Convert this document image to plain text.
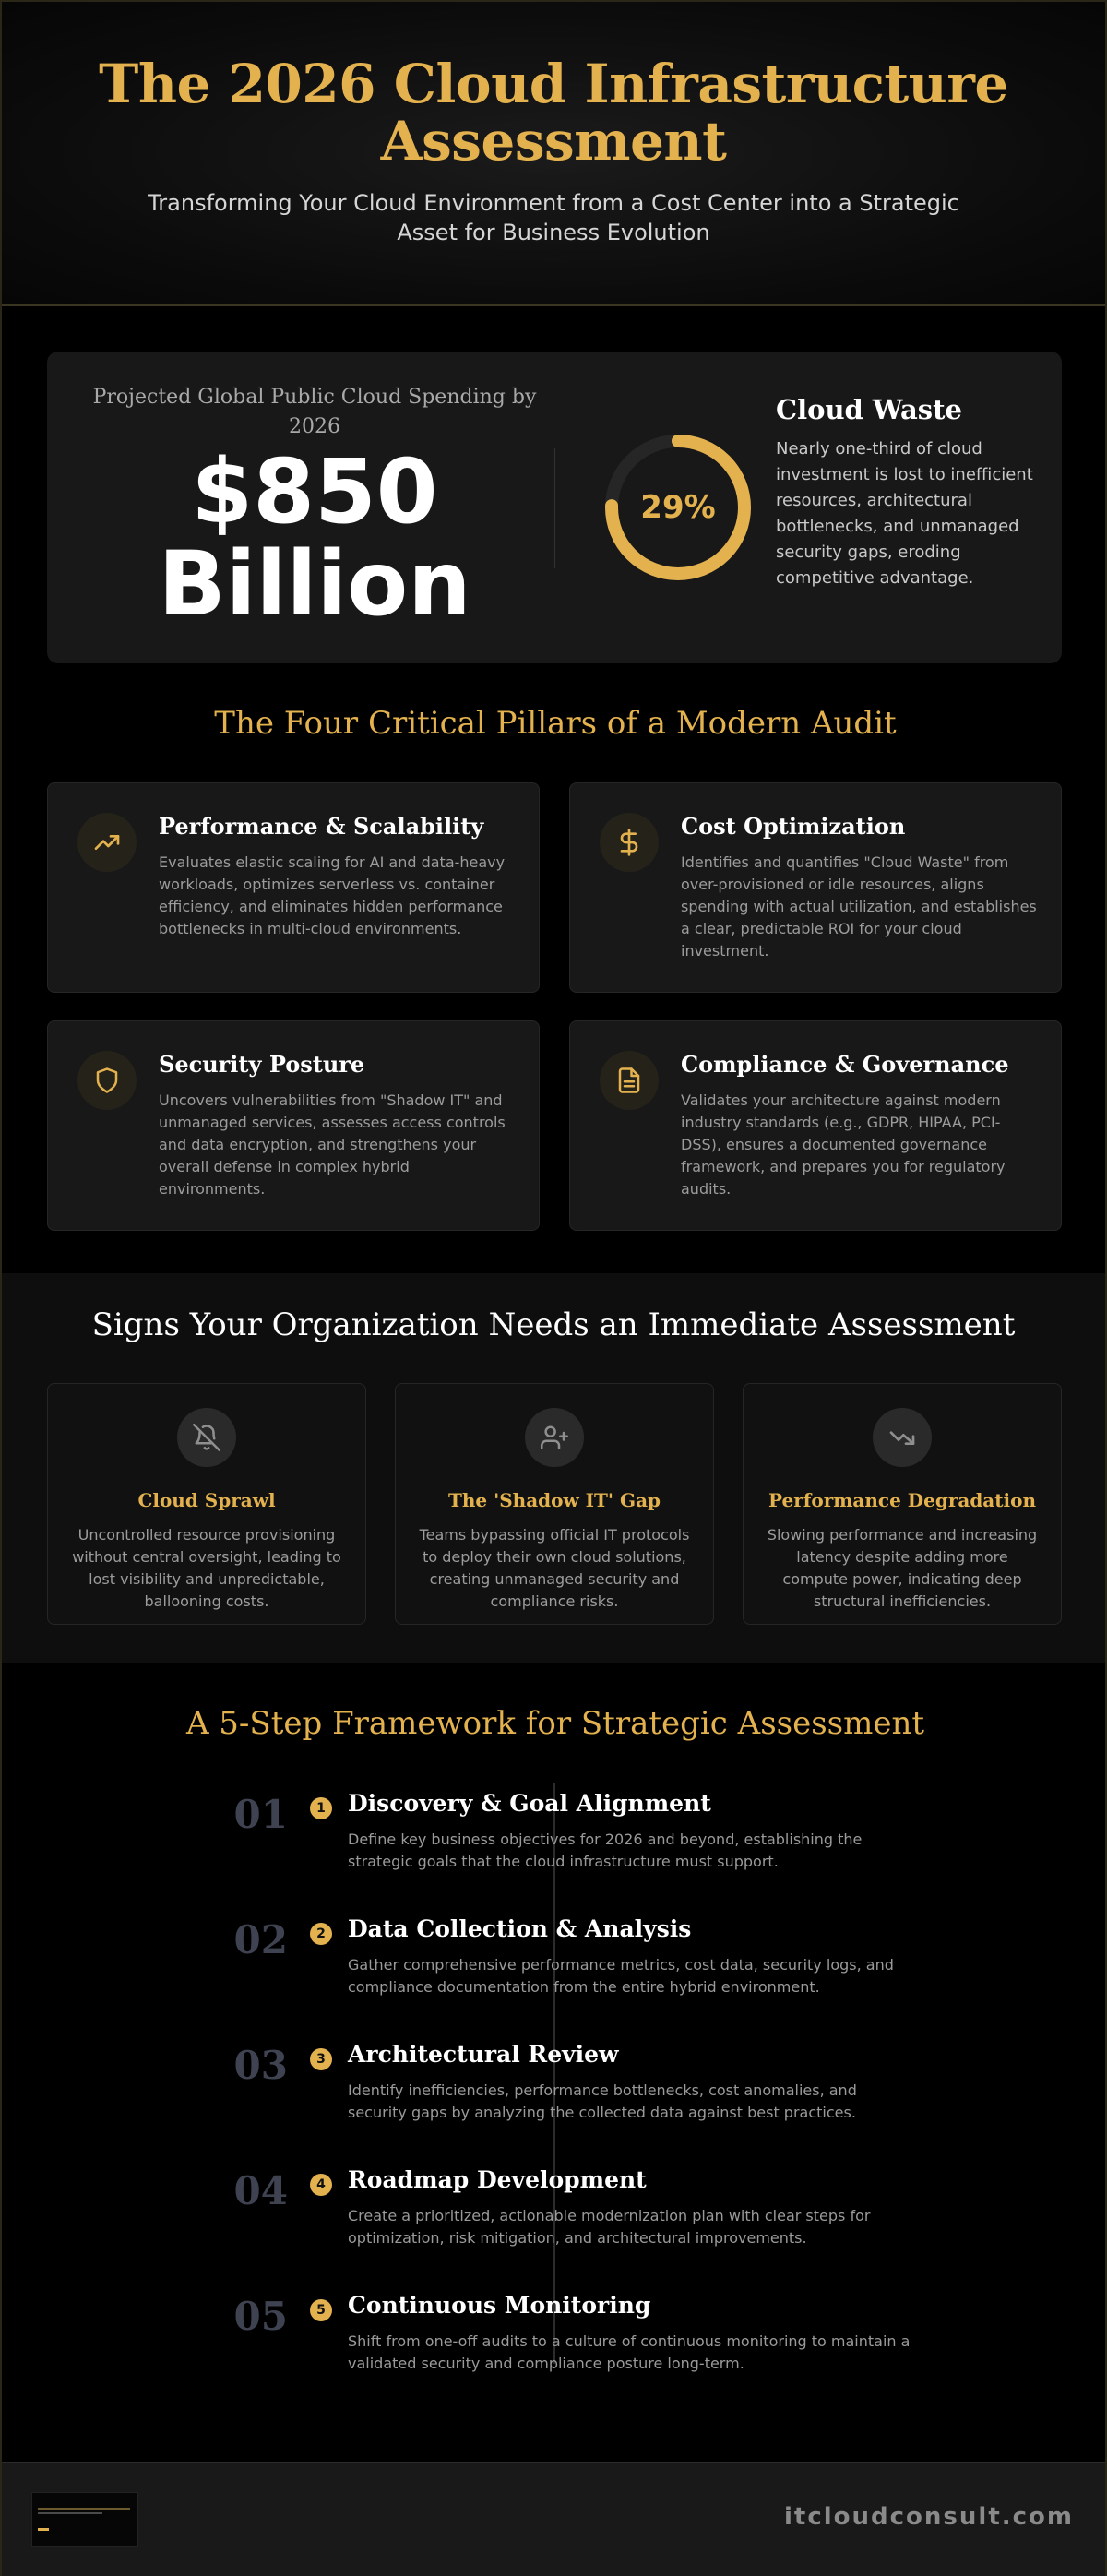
The 2026 Cloud Infrastructure Assessment

Transforming Your Cloud Environment from a Cost Center into a Strategic Asset for Business Evolution

Projected Global Public Cloud Spending by 2026
$850
Billion
29%
Cloud Waste

Nearly one-third of cloud investment is lost to inefficient resources, architectural bottlenecks, and unmanaged security gaps, eroding competitive advantage.

The Four Critical Pillars of a Modern Audit
Performance & Scalability

Evaluates elastic scaling for AI and data-heavy workloads, optimizes serverless vs. container efficiency, and eliminates hidden performance bottlenecks in multi-cloud environments.

Cost Optimization

Identifies and quantifies "Cloud Waste" from over-provisioned or idle resources, aligns spending with actual utilization, and establishes a clear, predictable ROI for your cloud investment.

Security Posture

Uncovers vulnerabilities from "Shadow IT" and unmanaged services, assesses access controls and data encryption, and strengthens your overall defense in complex hybrid environments.

Compliance & Governance

Validates your architecture against modern industry standards (e.g., GDPR, HIPAA, PCI-DSS), ensures a documented governance framework, and prepares you for regulatory audits.

Signs Your Organization Needs an Immediate Assessment
Cloud Sprawl

Uncontrolled resource provisioning without central oversight, leading to lost visibility and unpredictable, ballooning costs.

The 'Shadow IT' Gap

Teams bypassing official IT protocols to deploy their own cloud solutions, creating unmanaged security and compliance risks.

Performance Degradation

Slowing performance and increasing latency despite adding more compute power, indicating deep structural inefficiencies.

A 5-Step Framework for Strategic Assessment
01	1 Discovery & Goal Alignment

Define key business objectives for 2026 and beyond, establishing the strategic goals that the cloud infrastructure must support.

02	2 Data Collection & Analysis

Gather comprehensive performance metrics, cost data, security logs, and compliance documentation from the entire hybrid environment.

03	3 Architectural Review

Identify inefficiencies, performance bottlenecks, cost anomalies, and security gaps by analyzing the collected data against best practices.

04	4 Roadmap Development

Create a prioritized, actionable modernization plan with clear steps for optimization, risk mitigation, and architectural improvements.

05	5 Continuous Monitoring

Shift from one-off audits to a culture of continuous monitoring to maintain a validated security and compliance posture long-term.

itcloudconsult.com
